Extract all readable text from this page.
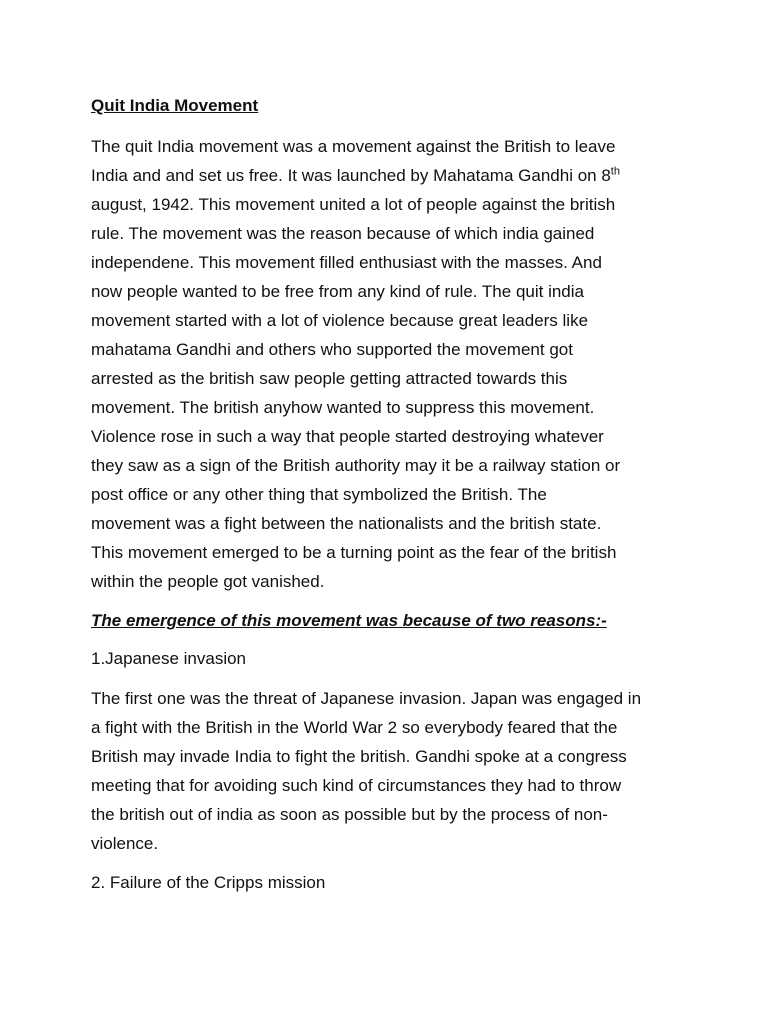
Quit India Movement
The quit India movement was a movement against the British to leave
India and and set us free. It was launched by Mahatama Gandhi on 8th
august, 1942. This movement united a lot of people against the british
rule. The movement was the reason because of which india gained
independene. This movement filled enthusiast with the masses. And
now people wanted to be free from any kind of rule. The quit india
movement started with a lot of violence because great leaders like
mahatama Gandhi and others who supported the movement got
arrested as the british saw people getting attracted towards this
movement. The british anyhow wanted to suppress this movement.
Violence rose in such a way that people started destroying whatever
they saw as a sign of the British authority may it be a railway station or
post office or any other thing that symbolized the British. The
movement was a fight between the nationalists and the british state.
This movement emerged to be a turning point as the fear of the british
within the people got vanished.
The emergence of this movement was because of two reasons:-
1.Japanese invasion
The first one was the threat of Japanese invasion. Japan was engaged in
a fight with the British in the World War 2 so everybody feared that the
British may invade India to fight the british. Gandhi spoke at a congress
meeting that for avoiding such kind of circumstances they had to throw
the british out of india as soon as possible but by the process of non-
violence.
2. Failure of the Cripps mission
